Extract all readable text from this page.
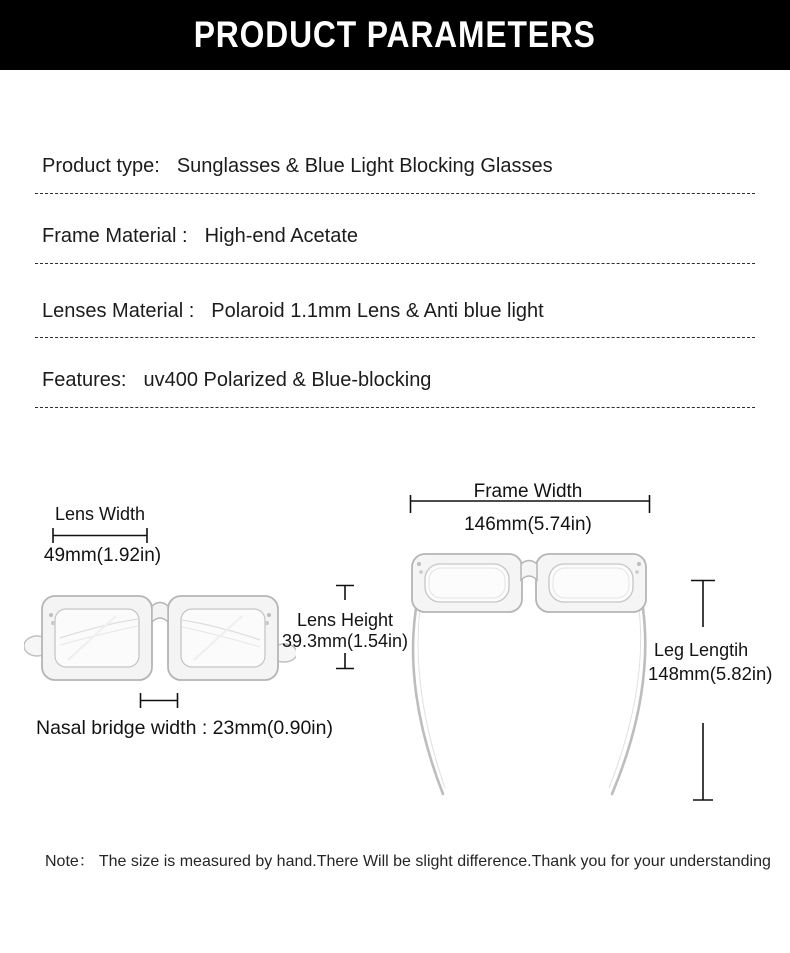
PRODUCT PARAMETERS
Product type: Sunglasses & Blue Light Blocking Glasses
Frame Material : High-end Acetate
Lenses Material : Polaroid 1.1mm Lens & Anti blue light
Features: uv400 Polarized & Blue-blocking
Lens Width
49mm(1.92in)
Lens Height
39.3mm(1.54in)
Nasal bridge width : 23mm(0.90in)
Frame Width
146mm(5.74in)
Leg Lengtih
148mm(5.82in)
Note： The size is measured by hand.There Will be slight difference.Thank you for your understanding
